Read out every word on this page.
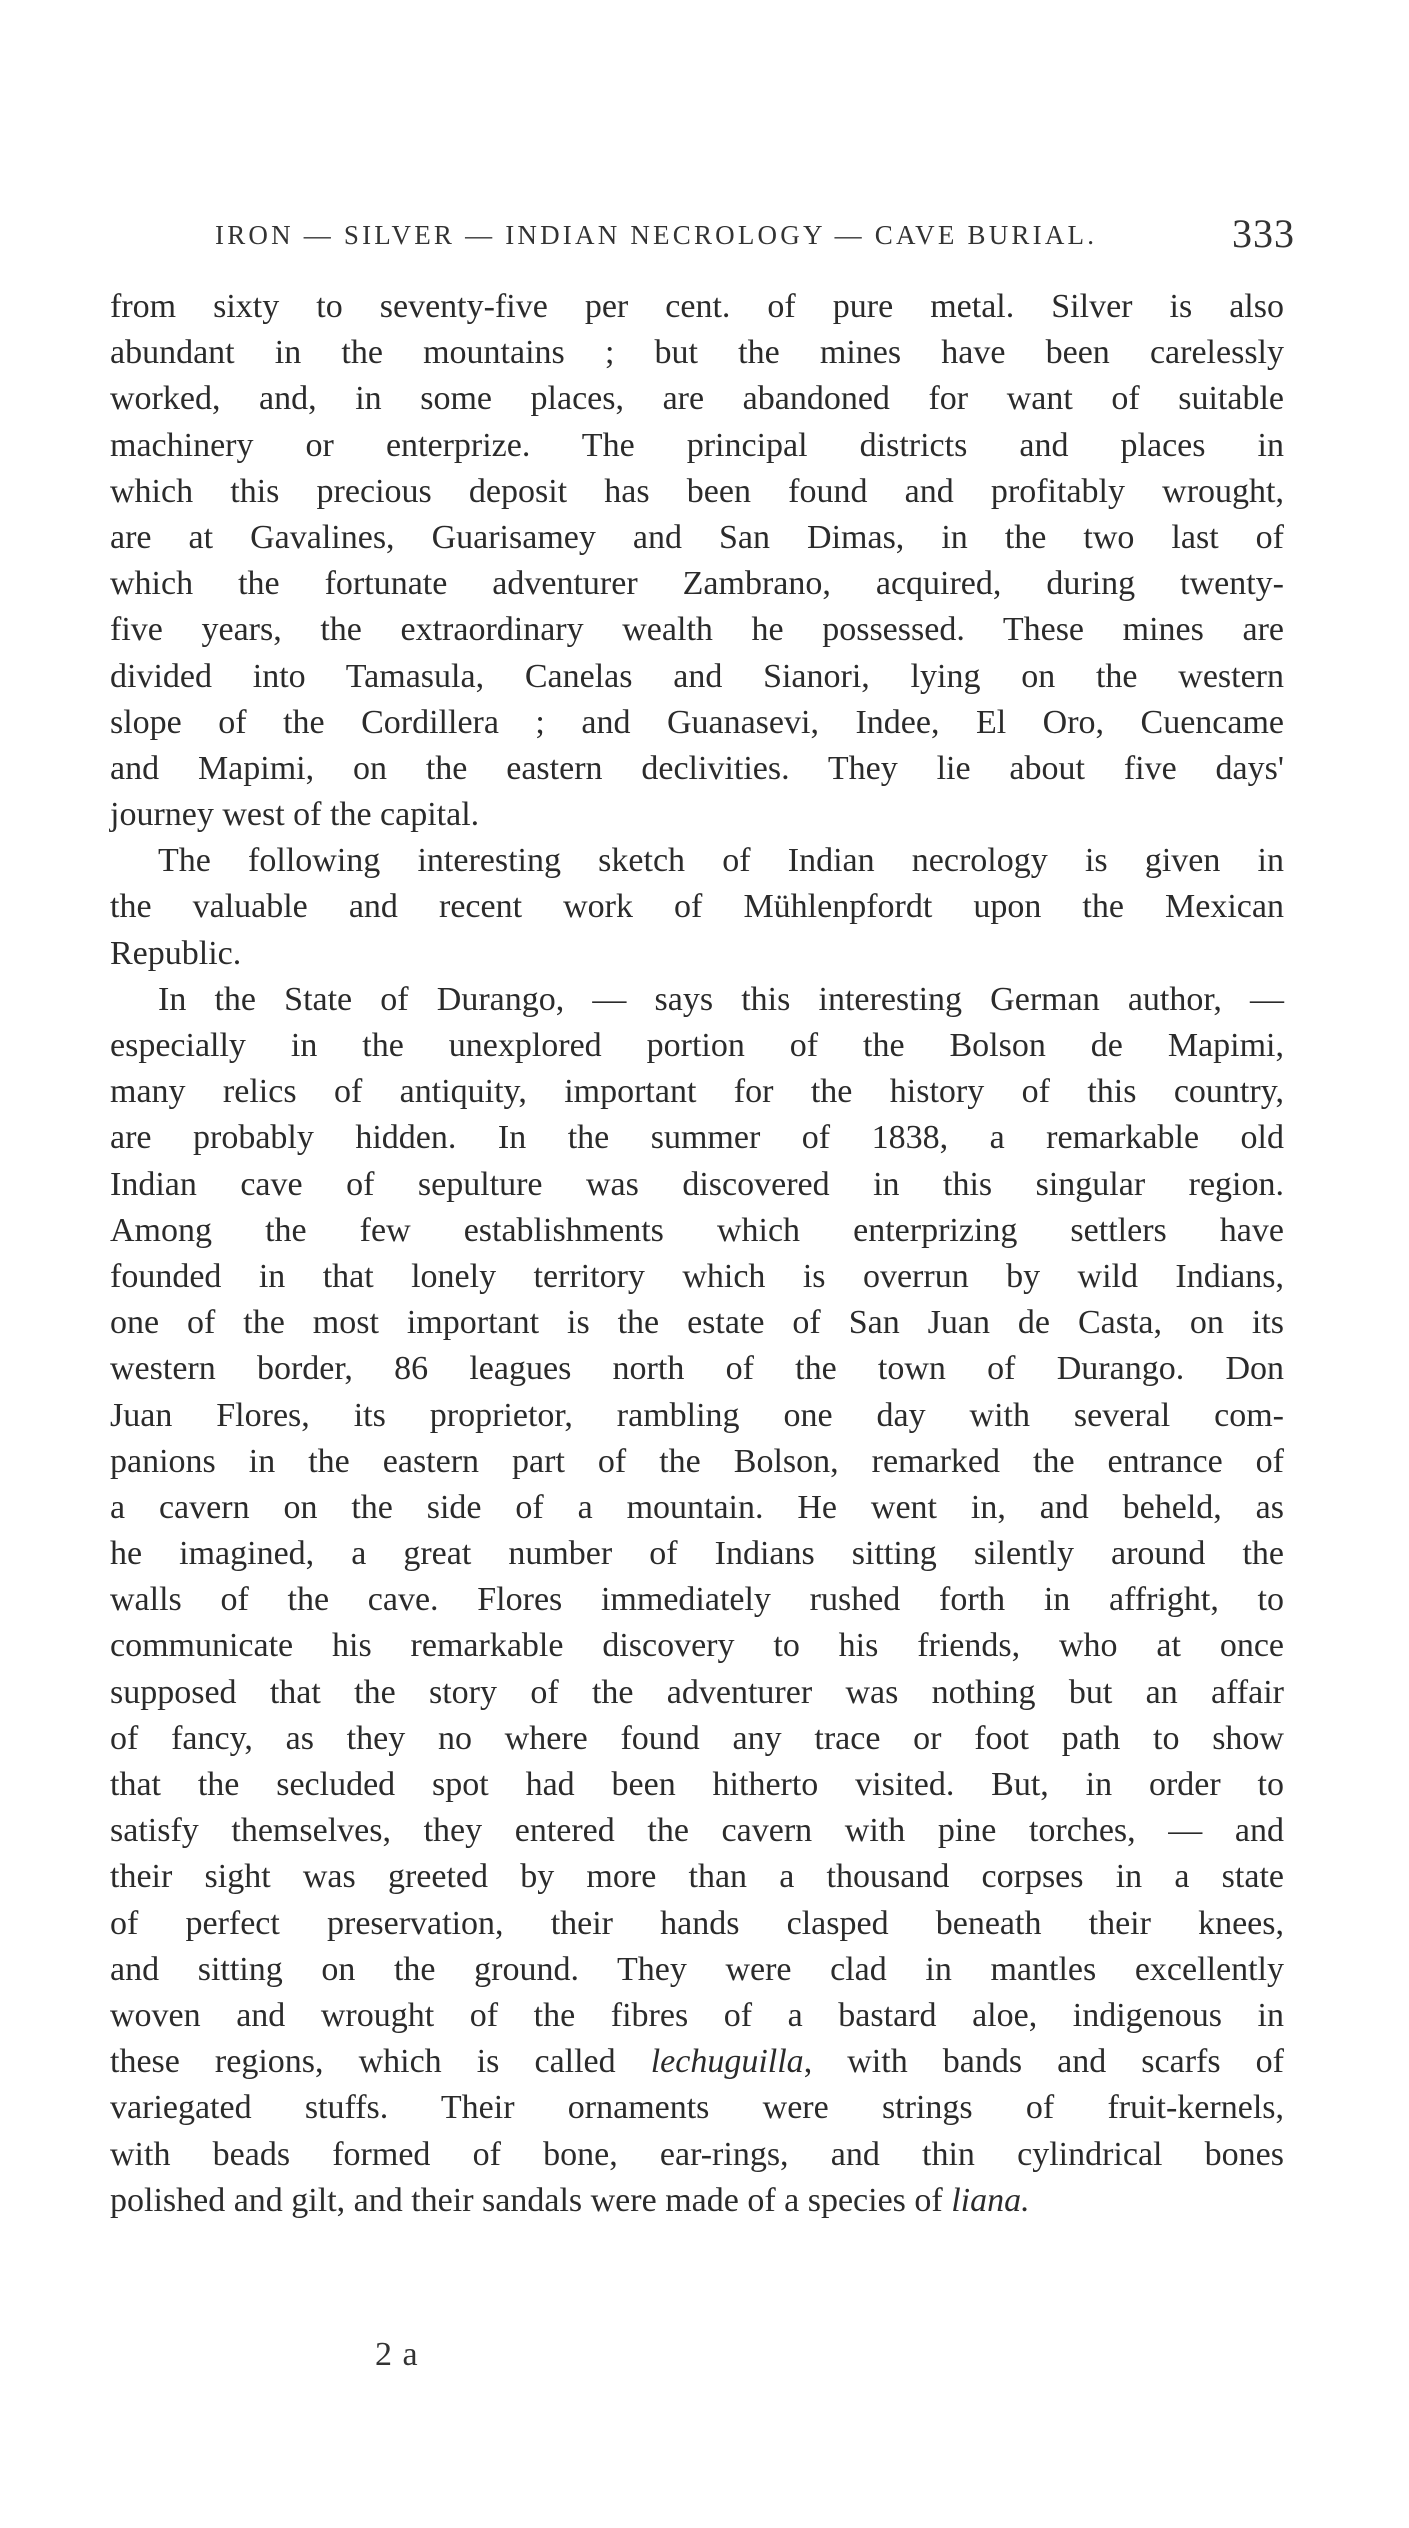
IRON — SILVER — INDIAN NECROLOGY — CAVE BURIAL.	333
from sixty to seventy-five per cent. of pure metal. Silver is also
abundant in the mountains ; but the mines have been carelessly
worked, and, in some places, are abandoned for want of suitable
machinery or enterprize. The principal districts and places in
which this precious deposit has been found and profitably wrought,
are at Gavalines, Guarisamey and San Dimas, in the two last of
which the fortunate adventurer Zambrano, acquired, during twenty-
five years, the extraordinary wealth he possessed. These mines are
divided into Tamasula, Canelas and Sianori, lying on the western
slope of the Cordillera ; and Guanasevi, Indee, El Oro, Cuencame
and Mapimi, on the eastern declivities. They lie about five days'
journey west of the capital.
The following interesting sketch of Indian necrology is given in
the valuable and recent work of Mühlenpfordt upon the Mexican
Republic.
In the State of Durango, — says this interesting German author, —
especially in the unexplored portion of the Bolson de Mapimi,
many relics of antiquity, important for the history of this country,
are probably hidden. In the summer of 1838, a remarkable old
Indian cave of sepulture was discovered in this singular region.
Among the few establishments which enterprizing settlers have
founded in that lonely territory which is overrun by wild Indians,
one of the most important is the estate of San Juan de Casta, on its
western border, 86 leagues north of the town of Durango. Don
Juan Flores, its proprietor, rambling one day with several com-
panions in the eastern part of the Bolson, remarked the entrance of
a cavern on the side of a mountain. He went in, and beheld, as
he imagined, a great number of Indians sitting silently around the
walls of the cave. Flores immediately rushed forth in affright, to
communicate his remarkable discovery to his friends, who at once
supposed that the story of the adventurer was nothing but an affair
of fancy, as they no where found any trace or foot path to show
that the secluded spot had been hitherto visited. But, in order to
satisfy themselves, they entered the cavern with pine torches, — and
their sight was greeted by more than a thousand corpses in a state
of perfect preservation, their hands clasped beneath their knees,
and sitting on the ground. They were clad in mantles excellently
woven and wrought of the fibres of a bastard aloe, indigenous in
these regions, which is called lechuguilla, with bands and scarfs of
variegated stuffs. Their ornaments were strings of fruit-kernels,
with beads formed of bone, ear-rings, and thin cylindrical bones
polished and gilt, and their sandals were made of a species of liana.
2 a
